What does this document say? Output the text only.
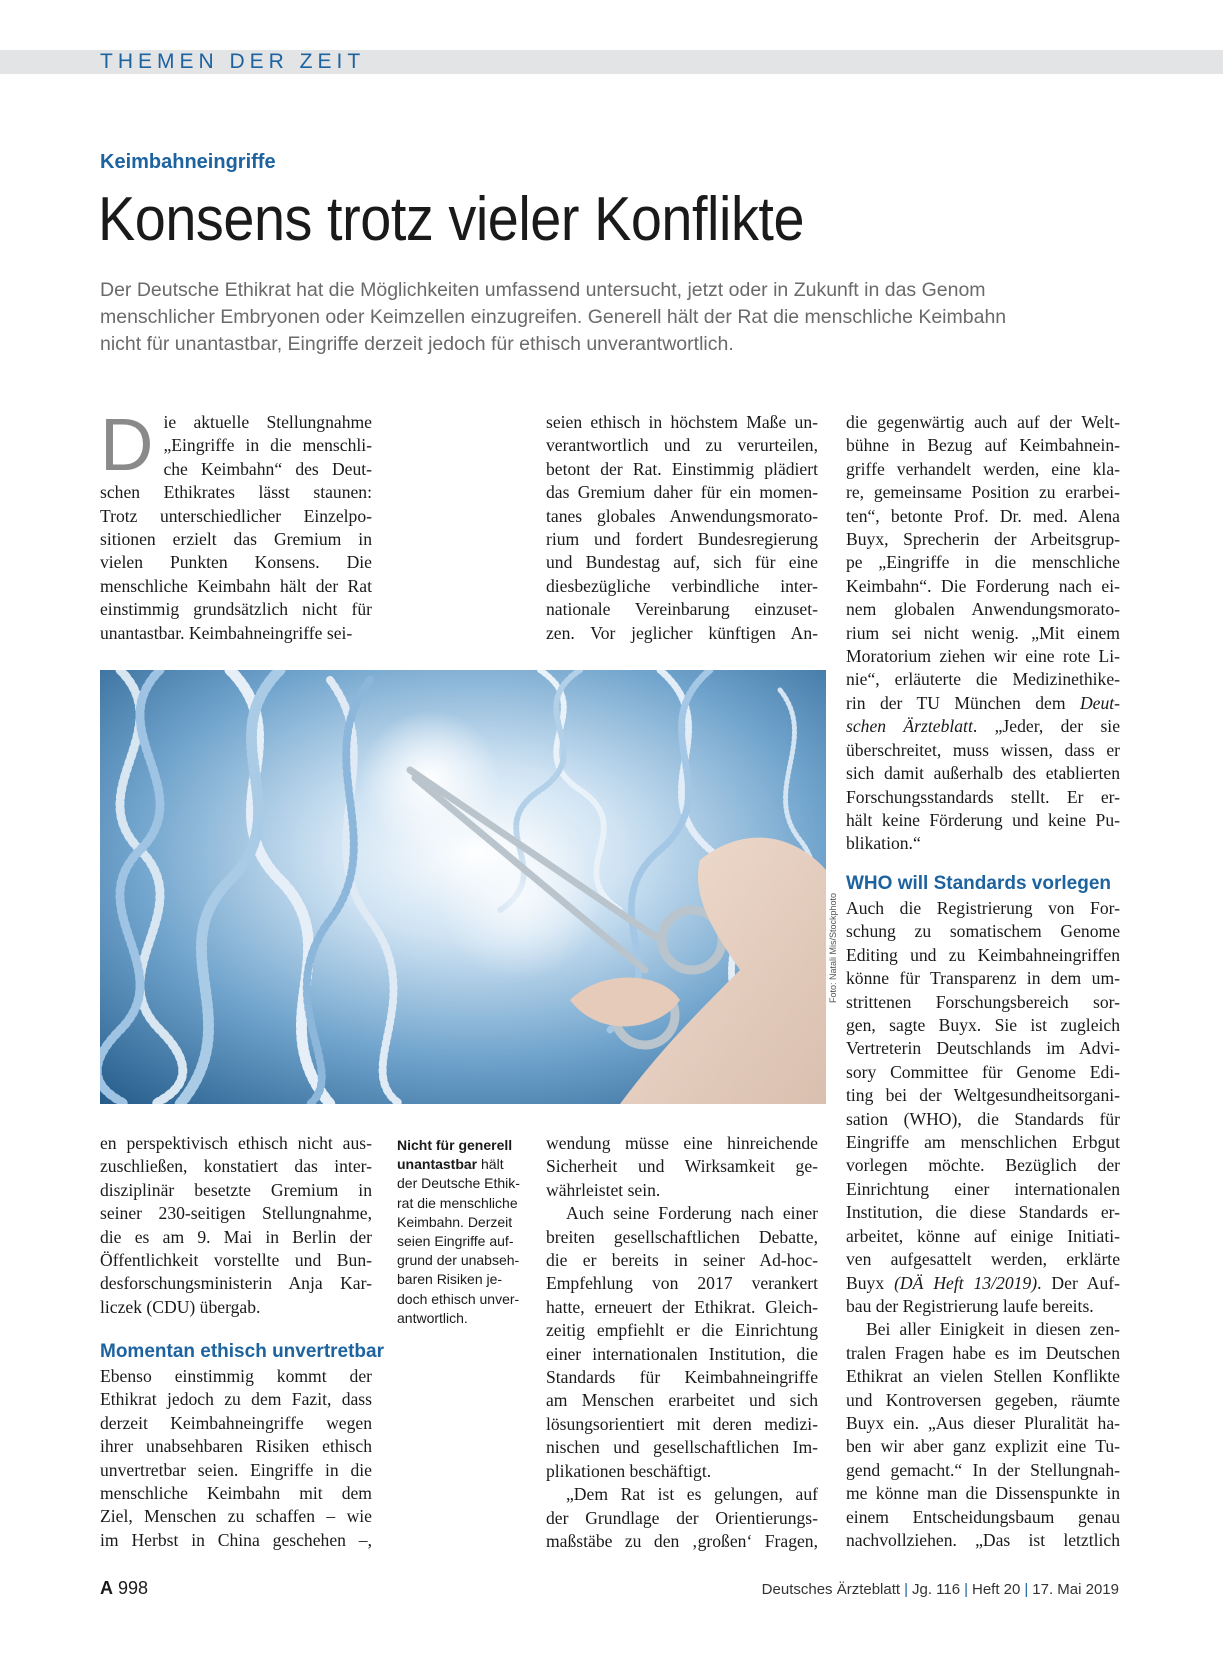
THEMEN DER ZEIT
Keimbahneingriffe
Konsens trotz vieler Konflikte
Der Deutsche Ethikrat hat die Möglichkeiten umfassend untersucht, jetzt oder in Zukunft in das Genom
menschlicher Embryonen oder Keimzellen einzugreifen. Generell hält der Rat die menschliche Keimbahn
nicht für unantastbar, Eingriffe derzeit jedoch für ethisch unverantwortlich.
D ie aktuelle Stellungnahme
„Eingriffe in die menschli-
che Keimbahn“ des Deut-
schen Ethikrates lässt staunen:
Trotz unterschiedlicher Einzelpo-
sitionen erzielt das Gremium in
vielen Punkten Konsens. Die
menschliche Keimbahn hält der Rat
einstimmig grundsätzlich nicht für
unantastbar. Keimbahneingriffe sei-
seien ethisch in höchstem Maße un-
verantwortlich und zu verurteilen,
betont der Rat. Einstimmig plädiert
das Gremium daher für ein momen-
tanes globales Anwendungsmorato-
rium und fordert Bundesregierung
und Bundestag auf, sich für eine
diesbezügliche verbindliche inter-
nationale Vereinbarung einzuset-
zen. Vor jeglicher künftigen An-
Foto: Natali Mis/Stockphoto
en perspektivisch ethisch nicht aus-
zuschließen, konstatiert das inter-
disziplinär besetzte Gremium in
seiner 230-seitigen Stellungnahme,
die es am 9. Mai in Berlin der
Öffentlichkeit vorstellte und Bun-
desforschungsministerin Anja Kar-
liczek (CDU) übergab.
Momentan ethisch unvertretbar
Ebenso einstimmig kommt der
Ethikrat jedoch zu dem Fazit, dass
derzeit Keimbahneingriffe wegen
ihrer unabsehbaren Risiken ethisch
unvertretbar seien. Eingriffe in die
menschliche Keimbahn mit dem
Ziel, Menschen zu schaffen – wie
im Herbst in China geschehen –,
Nicht für generell
unantastbar hält
der Deutsche Ethik-
rat die menschliche
Keimbahn. Derzeit
seien Eingriffe auf-
grund der unabseh-
baren Risiken je-
doch ethisch unver-
antwortlich.
wendung müsse eine hinreichende
Sicherheit und Wirksamkeit ge-
währleistet sein.
Auch seine Forderung nach einer
breiten gesellschaftlichen Debatte,
die er bereits in seiner Ad-hoc-
Empfehlung von 2017 verankert
hatte, erneuert der Ethikrat. Gleich-
zeitig empfiehlt er die Einrichtung
einer internationalen Institution, die
Standards für Keimbahneingriffe
am Menschen erarbeitet und sich
lösungsorientiert mit deren medizi-
nischen und gesellschaftlichen Im-
plikationen beschäftigt.
„Dem Rat ist es gelungen, auf
der Grundlage der Orientierungs-
maßstäbe zu den ‚großen‘ Fragen,
die gegenwärtig auch auf der Welt-
bühne in Bezug auf Keimbahnein-
griffe verhandelt werden, eine kla-
re, gemeinsame Position zu erarbei-
ten“, betonte Prof. Dr. med. Alena
Buyx, Sprecherin der Arbeitsgrup-
pe „Eingriffe in die menschliche
Keimbahn“. Die Forderung nach ei-
nem globalen Anwendungsmorato-
rium sei nicht wenig. „Mit einem
Moratorium ziehen wir eine rote Li-
nie“, erläuterte die Medizinethike-
rin der TU München dem Deut-
schen Ärzteblatt. „Jeder, der sie
überschreitet, muss wissen, dass er
sich damit außerhalb des etablierten
Forschungsstandards stellt. Er er-
hält keine Förderung und keine Pu-
blikation.“
WHO will Standards vorlegen
Auch die Registrierung von For-
schung zu somatischem Genome
Editing und zu Keimbahneingriffen
könne für Transparenz in dem um-
strittenen Forschungsbereich sor-
gen, sagte Buyx. Sie ist zugleich
Vertreterin Deutschlands im Advi-
sory Committee für Genome Edi-
ting bei der Weltgesundheitsorgani-
sation (WHO), die Standards für
Eingriffe am menschlichen Erbgut
vorlegen möchte. Bezüglich der
Einrichtung einer internationalen
Institution, die diese Standards er-
arbeitet, könne auf einige Initiati-
ven aufgesattelt werden, erklärte
Buyx (DÄ Heft 13/2019). Der Auf-
bau der Registrierung laufe bereits.
Bei aller Einigkeit in diesen zen-
tralen Fragen habe es im Deutschen
Ethikrat an vielen Stellen Konflikte
und Kontroversen gegeben, räumte
Buyx ein. „Aus dieser Pluralität ha-
ben wir aber ganz explizit eine Tu-
gend gemacht.“ In der Stellungnah-
me könne man die Dissenspunkte in
einem Entscheidungsbaum genau
nachvollziehen. „Das ist letztlich
A 998	Deutsches Ärzteblatt | Jg. 116 | Heft 20 | 17. Mai 2019
